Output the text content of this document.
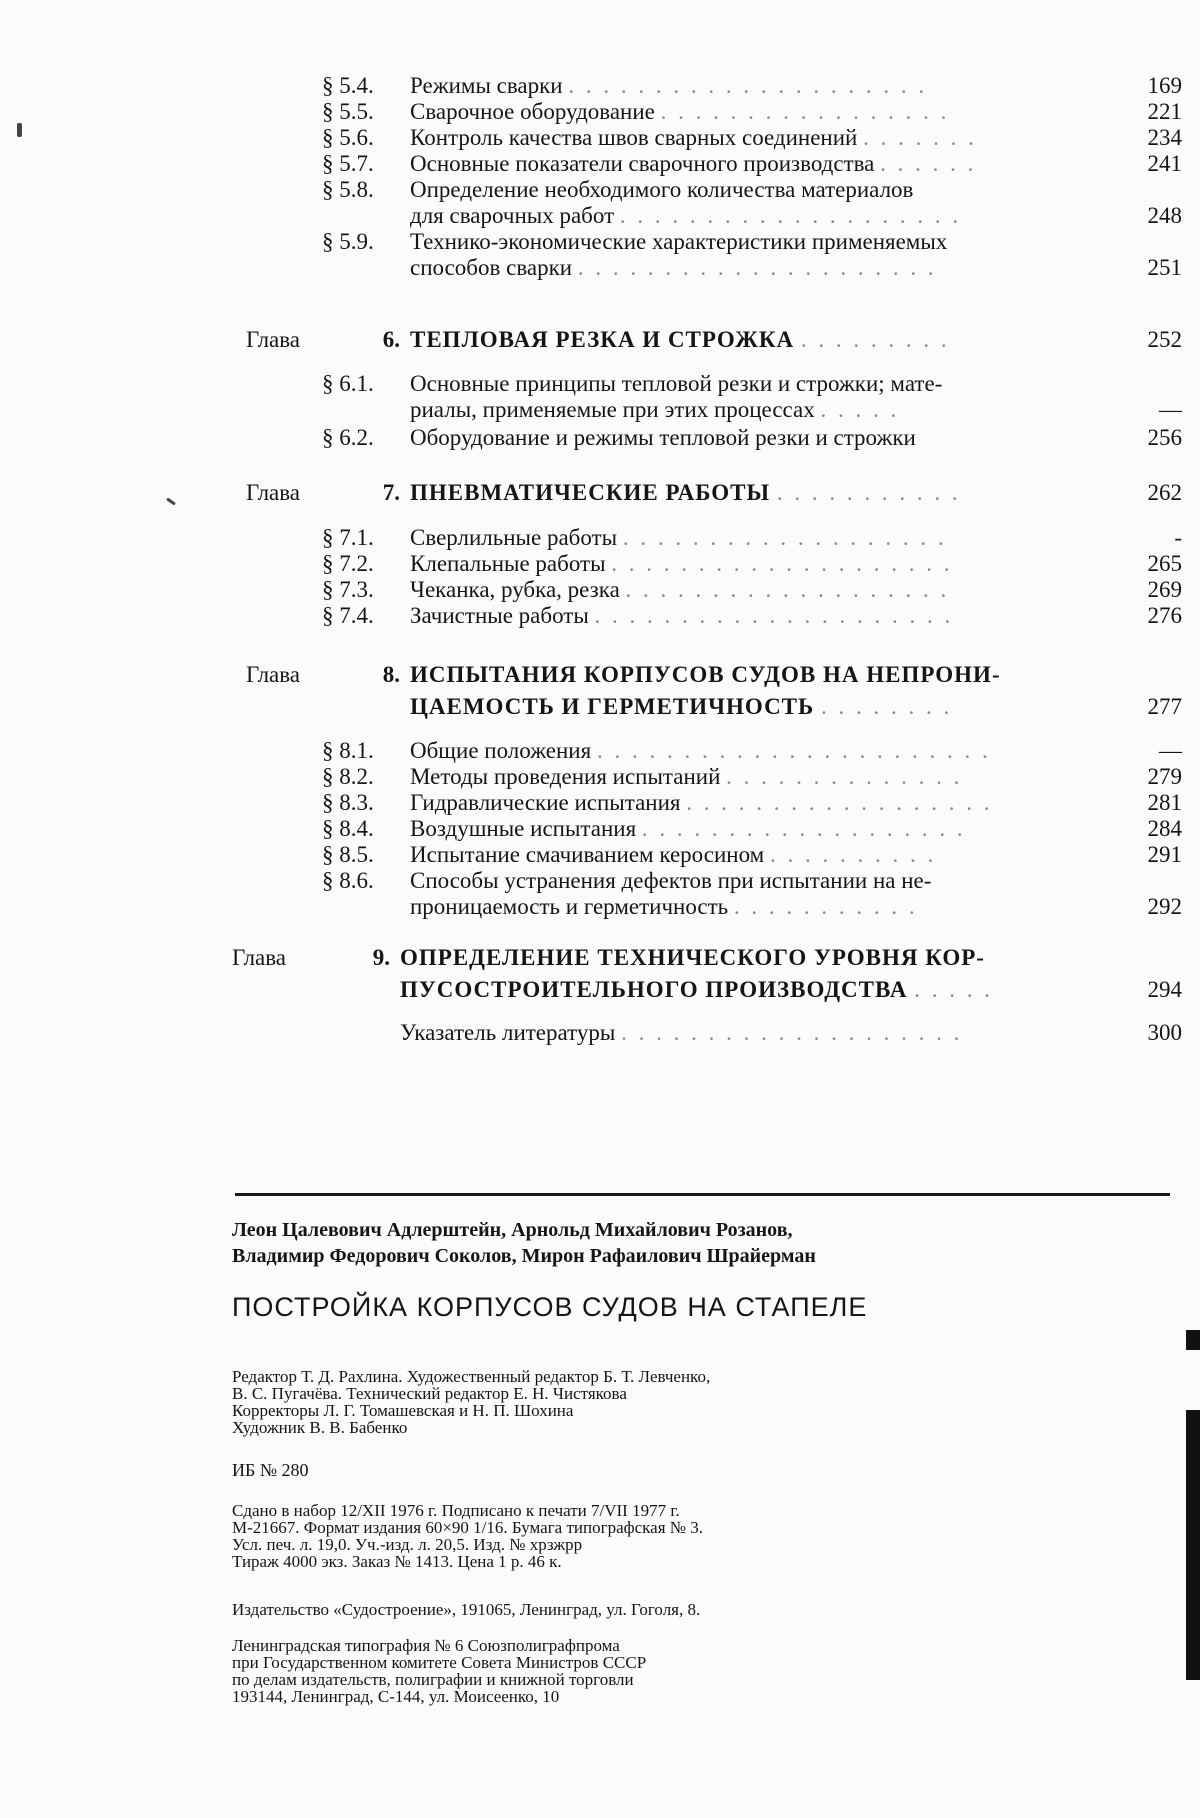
§ 5.4.	Режимы сварки . . . . . . . . . . . . . . . . . . . . .	169
§ 5.5.	Сварочное оборудование . . . . . . . . . . . . . . . . .	221
§ 5.6.	Контроль качества швов сварных соединений . . . . . . .	234
§ 5.7.	Основные показатели сварочного производства . . . . . .	241
§ 5.8.	Определение необходимого количества материалов
для сварочных работ . . . . . . . . . . . . . . . . . . . .	248
§ 5.9.	Технико-экономические характеристики применяемых
способов сварки . . . . . . . . . . . . . . . . . . . . .	251
Глава	6. ТЕПЛОВАЯ РЕЗКА И СТРОЖКА . . . . . . . . .	252
§ 6.1.	Основные принципы тепловой резки и строжки; мате-
риалы, применяемые при этих процессах . . . . .	—
§ 6.2.	Оборудование и режимы тепловой резки и строжки	256
Глава	7. ПНЕВМАТИЧЕСКИЕ РАБОТЫ . . . . . . . . . . .	262
§ 7.1.	Сверлильные работы . . . . . . . . . . . . . . . . . . .	-
§ 7.2.	Клепальные работы . . . . . . . . . . . . . . . . . . . .	265
§ 7.3.	Чеканка, рубка, резка . . . . . . . . . . . . . . . . . . .	269
§ 7.4.	Зачистные работы . . . . . . . . . . . . . . . . . . . . .	276
Глава	8. ИСПЫТАНИЯ КОРПУСОВ СУДОВ НА НЕПРОНИ-
ЦАЕМОСТЬ И ГЕРМЕТИЧНОСТЬ . . . . . . . .	277
§ 8.1.	Общие положения . . . . . . . . . . . . . . . . . . . . . . .	—
§ 8.2.	Методы проведения испытаний . . . . . . . . . . . . . .	279
§ 8.3.	Гидравлические испытания . . . . . . . . . . . . . . . . . .	281
§ 8.4.	Воздушные испытания . . . . . . . . . . . . . . . . . . .	284
§ 8.5.	Испытание смачиванием керосином . . . . . . . . . .	291
§ 8.6.	Способы устранения дефектов при испытании на не-
проницаемость и герметичность . . . . . . . . . . .	292
Глава	9. ОПРЕДЕЛЕНИЕ ТЕХНИЧЕСКОГО УРОВНЯ КОР-
ПУСОСТРОИТЕЛЬНОГО ПРОИЗВОДСТВА . . . . .	294
Указатель литературы . . . . . . . . . . . . . . . . . . . .	300
Леон Цалевович Адлерштейн, Арнольд Михайлович Розанов,
Владимир Федорович Соколов, Мирон Рафаилович Шрайерман
ПОСТРОЙКА КОРПУСОВ СУДОВ НА СТАПЕЛЕ
Редактор Т. Д. Рахлина. Художественный редактор Б. Т. Левченко,
В. С. Пугачёва. Технический редактор Е. Н. Чистякова
Корректоры Л. Г. Томашевская и Н. П. Шохина
Художник В. В. Бабенко
ИБ № 280
Сдано в набор 12/XII 1976 г. Подписано к печати 7/VII 1977 г.
М-21667. Формат издания 60×90 1/16. Бумага типографская № 3.
Усл. печ. л. 19,0. Уч.-изд. л. 20,5. Изд. № хрзжрр
Тираж 4000 экз. Заказ № 1413. Цена 1 р. 46 к.
Издательство «Судостроение», 191065, Ленинград, ул. Гоголя, 8.
Ленинградская типография № 6 Союзполиграфпрома
при Государственном комитете Совета Министров СССР
по делам издательств, полиграфии и книжной торговли
193144, Ленинград, С-144, ул. Моисеенко, 10
